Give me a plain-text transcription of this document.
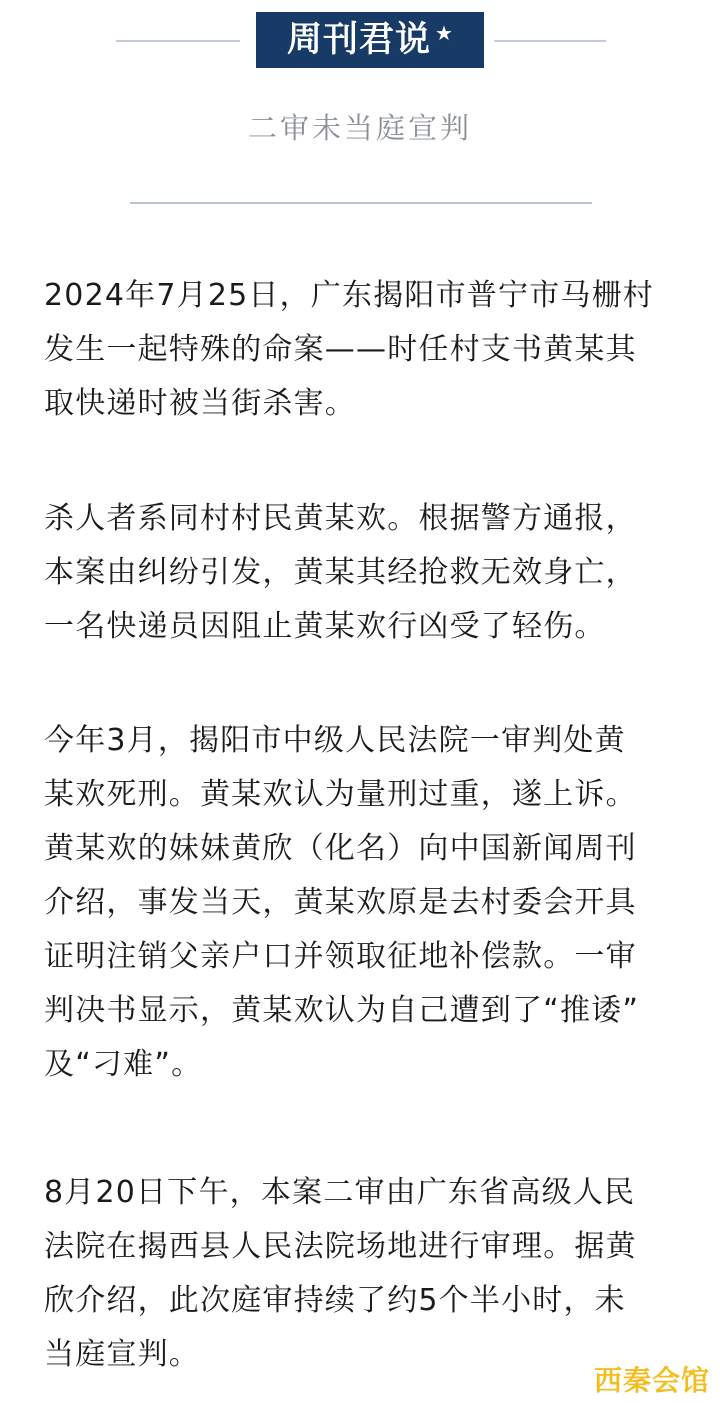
周刊君说 ★
二审未当庭宣判

2024年7月25日，广东揭阳市普宁市马栅村
发生一起特殊的命案——时任村支书黄某其
取快递时被当街杀害。

杀人者系同村村民黄某欢。根据警方通报，
本案由纠纷引发，黄某其经抢救无效身亡，
一名快递员因阻止黄某欢行凶受了轻伤。

今年3月，揭阳市中级人民法院一审判处黄
某欢死刑。黄某欢认为量刑过重，遂上诉。
黄某欢的妹妹黄欣（化名）向中国新闻周刊
介绍，事发当天，黄某欢原是去村委会开具
证明注销父亲户口并领取征地补偿款。一审
判决书显示，黄某欢认为自己遭到了“推诿”
及“刁难”。

8月20日下午，本案二审由广东省高级人民
法院在揭西县人民法院场地进行审理。据黄
欣介绍，此次庭审持续了约5个半小时，未
当庭宣判。

西秦会馆
